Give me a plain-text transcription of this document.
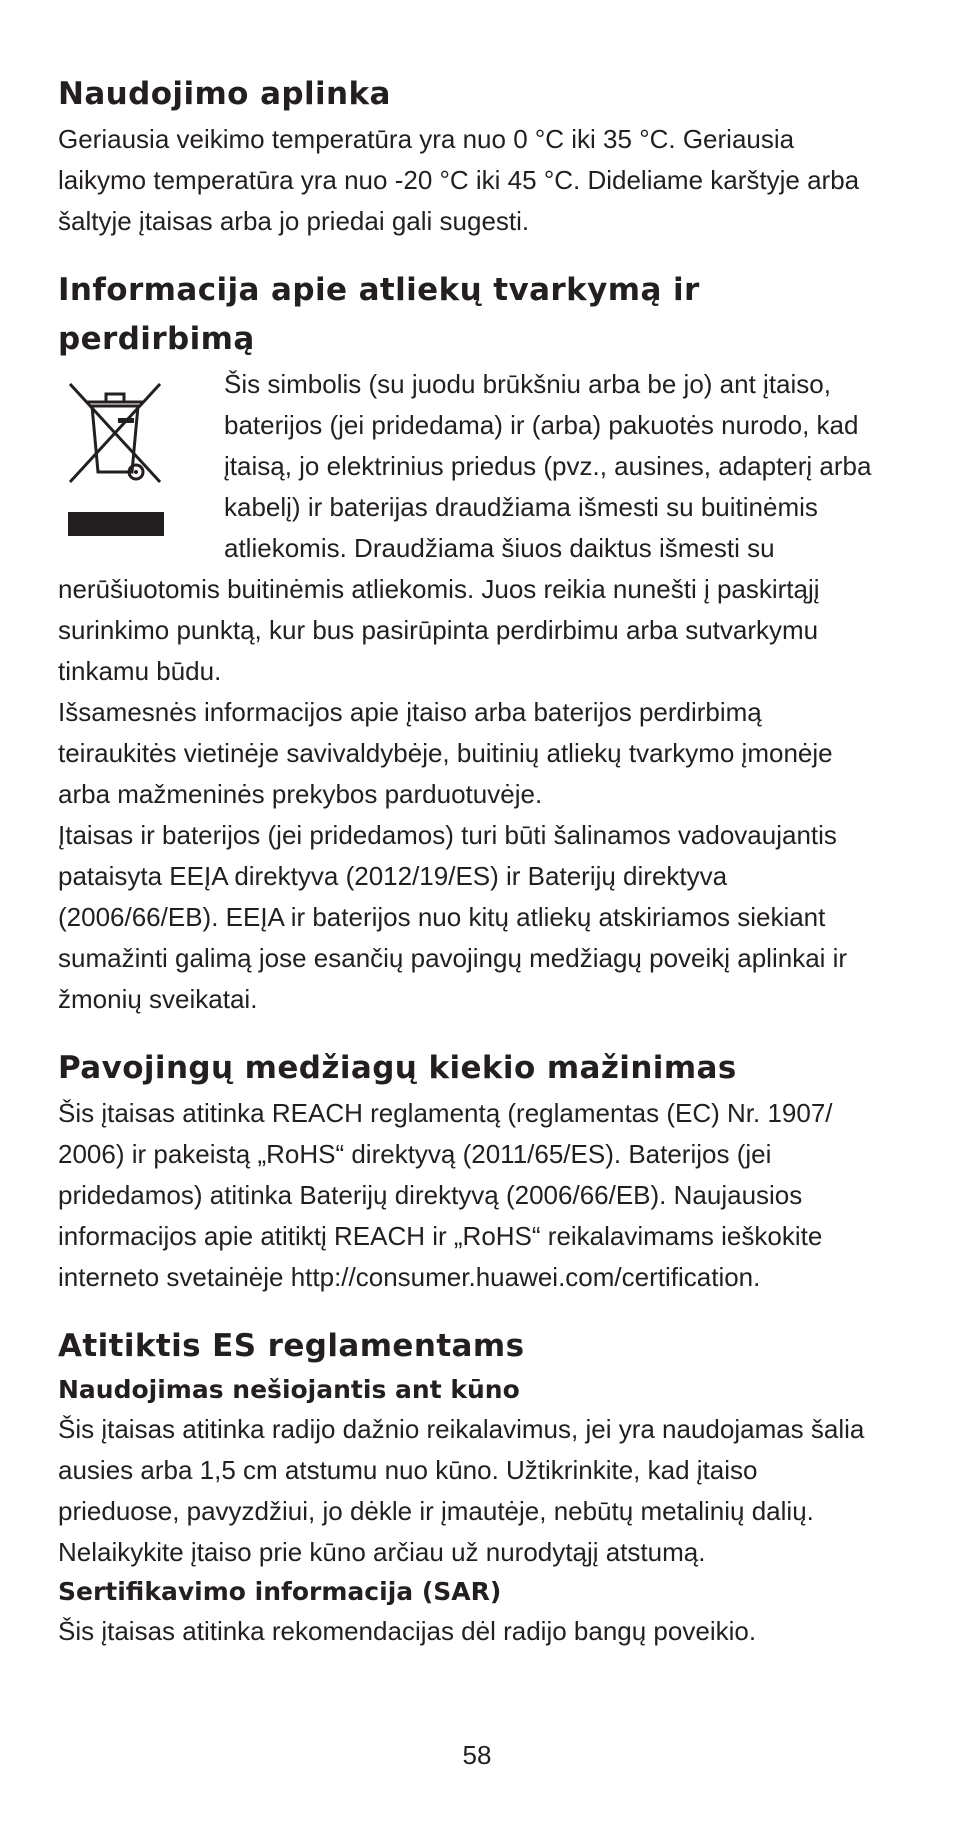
Naudojimo aplinka

Geriausia veikimo temperatūra yra nuo 0 °C iki 35 °C. Geriausia laikymo temperatūra yra nuo -20 °C iki 45 °C. Dideliame karštyje arba šaltyje įtaisas arba jo priedai gali sugesti.

Informacija apie atliekų tvarkymą ir
perdirbimą

Šis simbolis (su juodu brūkšniu arba be jo) ant įtaiso, baterijos (jei pridedama) ir (arba) pakuotės nurodo, kad įtaisą, jo elektrinius priedus (pvz., ausines, adapterį arba kabelį) ir baterijas draudžiama išmesti su buitinėmis atliekomis. Draudžiama šiuos daiktus išmesti su nerūšiuotomis buitinėmis atliekomis. Juos reikia nunešti į paskirtąjį surinkimo punktą, kur bus pasirūpinta perdirbimu arba sutvarkymu tinkamu būdu.

Išsamesnės informacijos apie įtaiso arba baterijos perdirbimą teiraukitės vietinėje savivaldybėje, buitinių atliekų tvarkymo įmonėje arba mažmeninės prekybos parduotuvėje.

Įtaisas ir baterijos (jei pridedamos) turi būti šalinamos vadovaujantis pataisyta EEĮA direktyva (2012/19/ES) ir Baterijų direktyva (2006/66/EB). EEĮA ir baterijos nuo kitų atliekų atskiriamos siekiant sumažinti galimą jose esančių pavojingų medžiagų poveikį aplinkai ir žmonių sveikatai.

Pavojingų medžiagų kiekio mažinimas

Šis įtaisas atitinka REACH reglamentą (reglamentas (EC) Nr. 1907/ 2006) ir pakeistą „RoHS“ direktyvą (2011/65/ES). Baterijos (jei pridedamos) atitinka Baterijų direktyvą (2006/66/EB). Naujausios informacijos apie atitiktį REACH ir „RoHS“ reikalavimams ieškokite interneto svetainėje http://consumer.huawei.com/certification.

Atitiktis ES reglamentams
Naudojimas nešiojantis ant kūno

Šis įtaisas atitinka radijo dažnio reikalavimus, jei yra naudojamas šalia ausies arba 1,5 cm atstumu nuo kūno. Užtikrinkite, kad įtaiso prieduose, pavyzdžiui, jo dėkle ir įmautėje, nebūtų metalinių dalių. Nelaikykite įtaiso prie kūno arčiau už nurodytąjį atstumą.

Sertifikavimo informacija (SAR)

Šis įtaisas atitinka rekomendacijas dėl radijo bangų poveikio.

58
